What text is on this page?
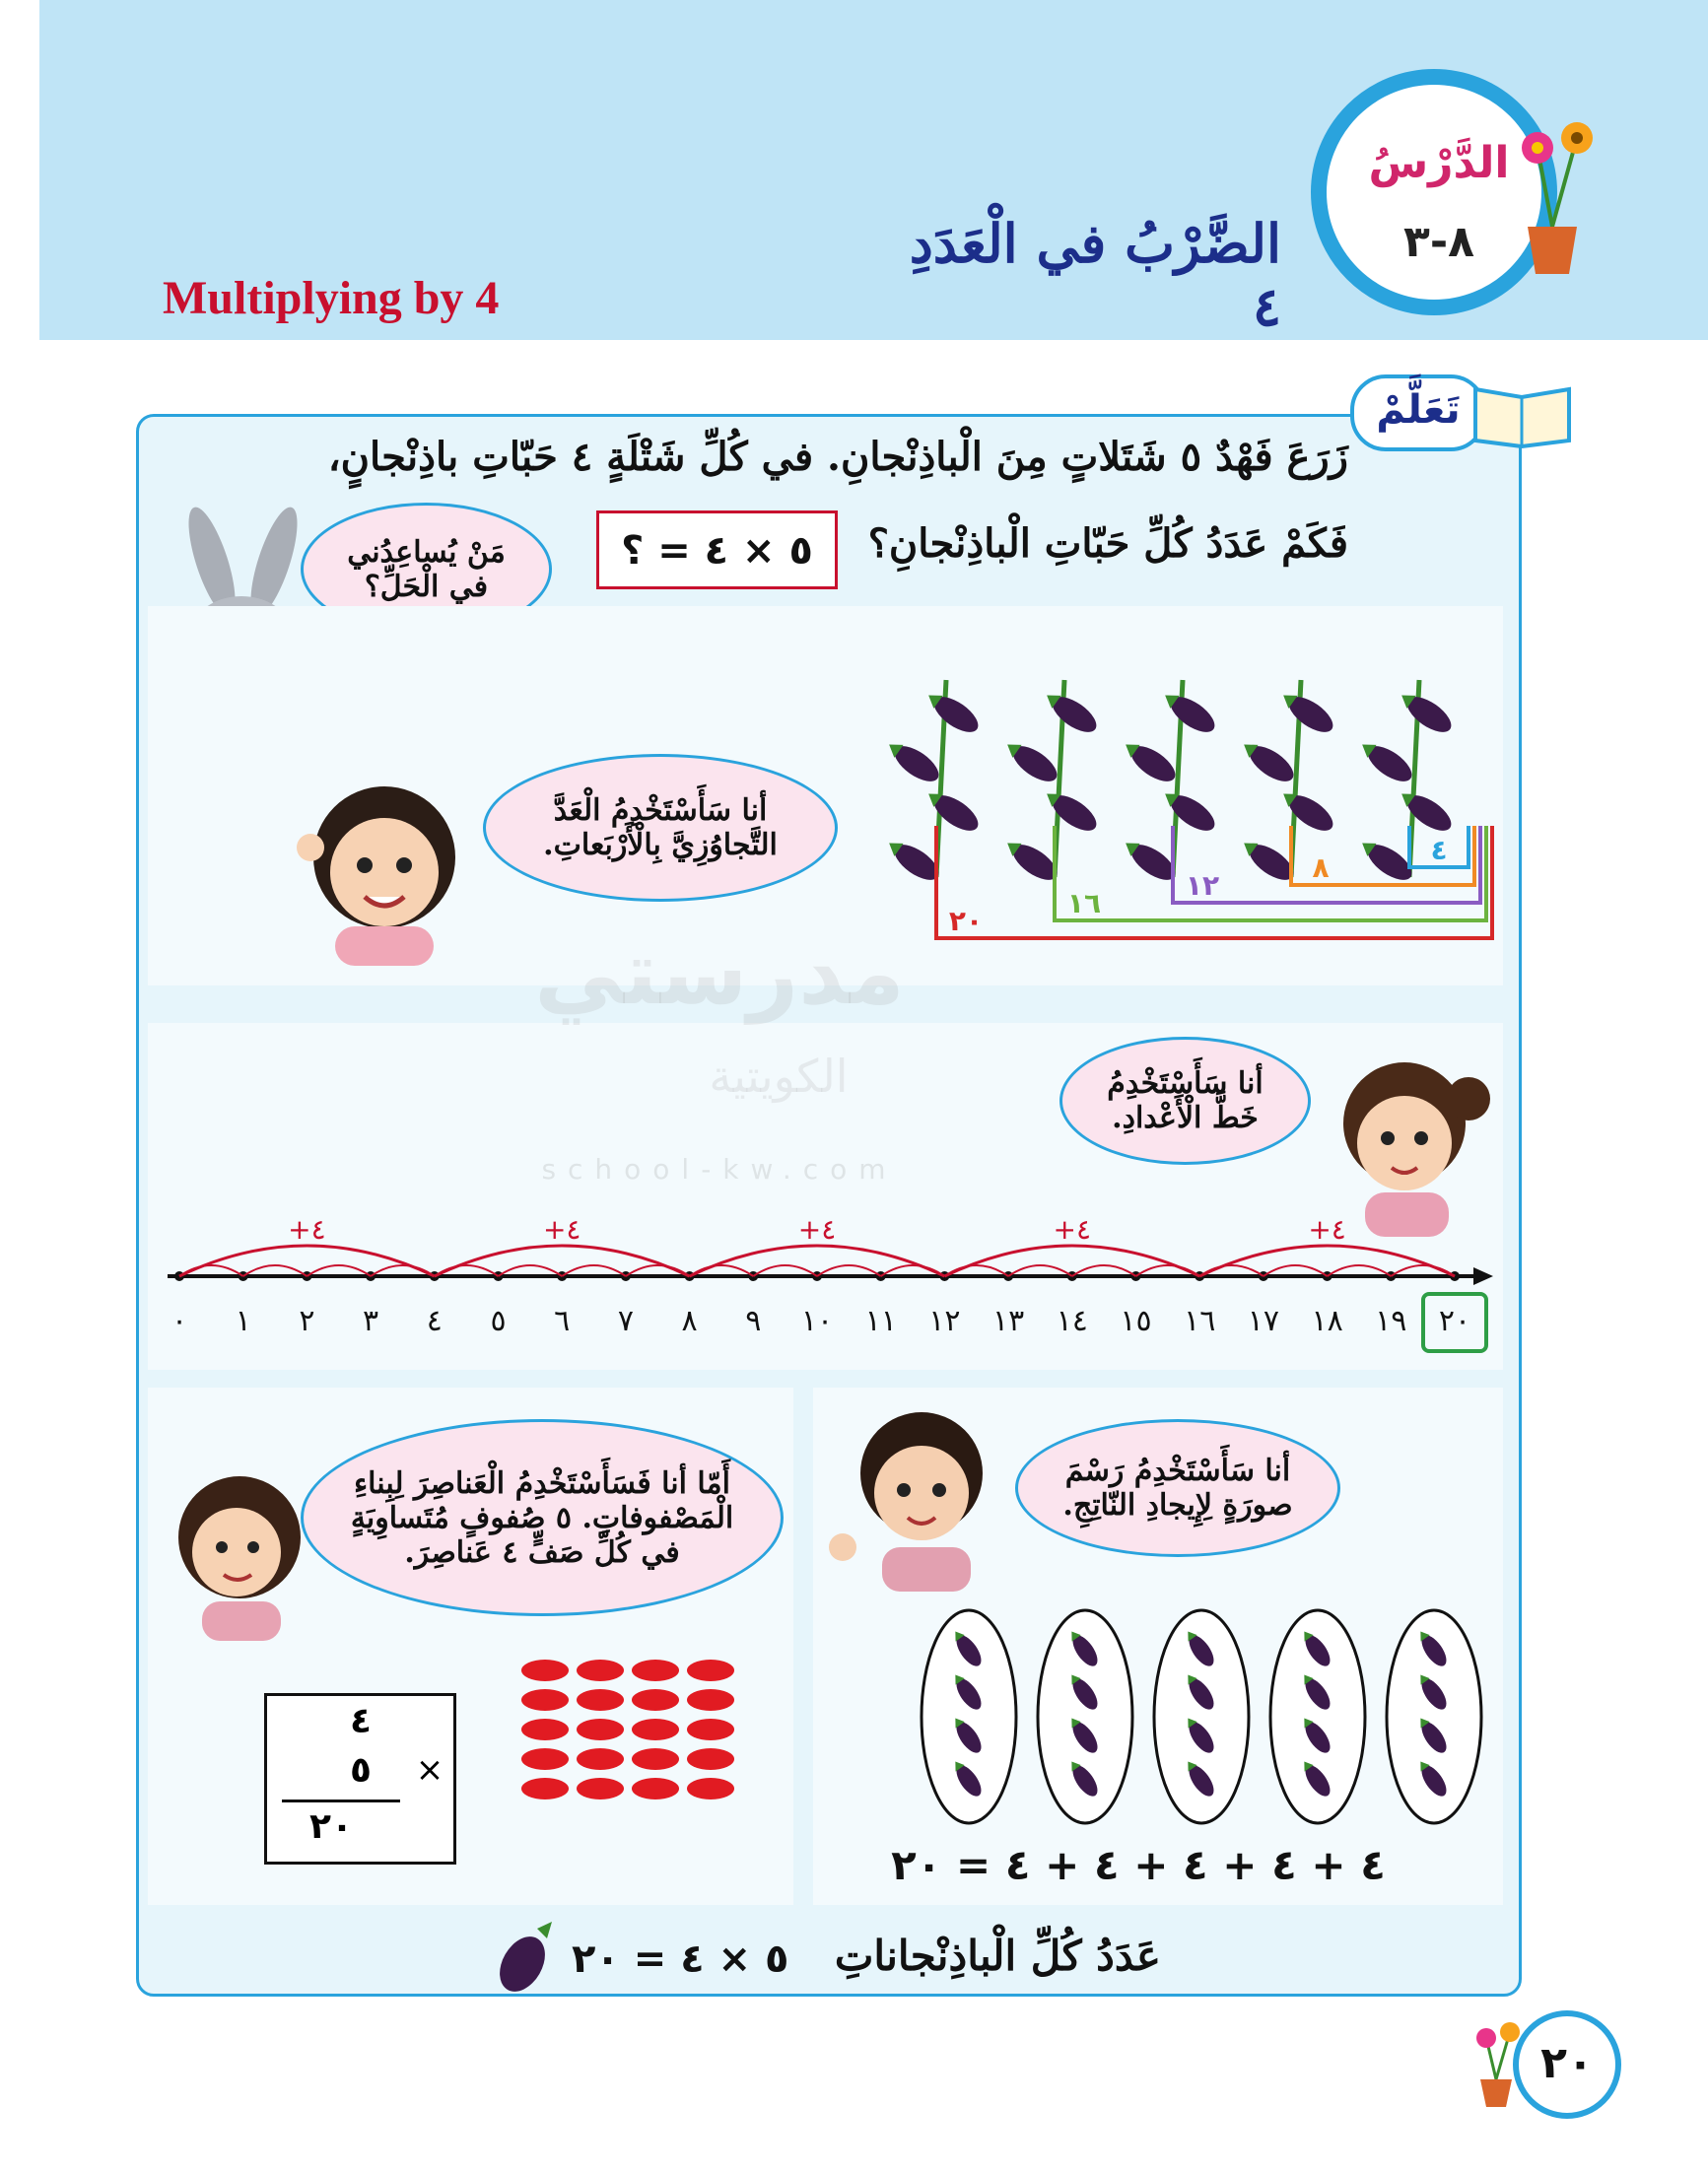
الدَّرْسُ
٨-٣
الضَّرْبُ في الْعَدَدِ ٤
Multiplying by 4
تَعَلَّمْ
زَرَعَ فَهْدٌ ٥ شَتَلاتٍ مِنَ الْباذِنْجانِ. في كُلِّ شَتْلَةٍ ٤ حَبّاتِ باذِنْجانٍ،
فَكَمْ عَدَدُ كُلِّ حَبّاتِ الْباذِنْجانِ؟
٥ × ٤ = ؟
مَنْ يُساعِدُني
في الْحَلِّ؟
٤
٨
١٢
١٦
٢٠
أنا سَأَسْتَخْدِمُ الْعَدَّ
التَّجاوُزِيَّ بِالْأَرْبَعاتِ.
أنا سَأَسْتَخْدِمُ
خَطَّ الْأَعْدادِ.
٠ ١ ٢ ٣ ٤ ٥ ٦ ٧ ٨ ٩ ١٠ ١١ ١٢ ١٣ ١٤ ١٥ ١٦ ١٧ ١٨ ١٩ ٢٠
+٤	+٤	+٤	+٤	+٤
مدرستي
الكويتية
school-kw.com
أنا سَأَسْتَخْدِمُ رَسْمَ
صورَةٍ لِإِيجادِ النّاتِجِ.
٤ + ٤ + ٤ + ٤ + ٤ = ٢٠
أَمّا أنا فَسَأَسْتَخْدِمُ الْعَناصِرَ لِبِناءِ
الْمَصْفوفاتِ. ٥ صُفوفٍ مُتَساوِيَةٍ
في كُلِّ صَفٍّ ٤ عَناصِرَ.
٤
٥	×
٢٠
عَدَدُ كُلِّ الْباذِنْجاناتِ
٥ × ٤ = ٢٠
٢٠
